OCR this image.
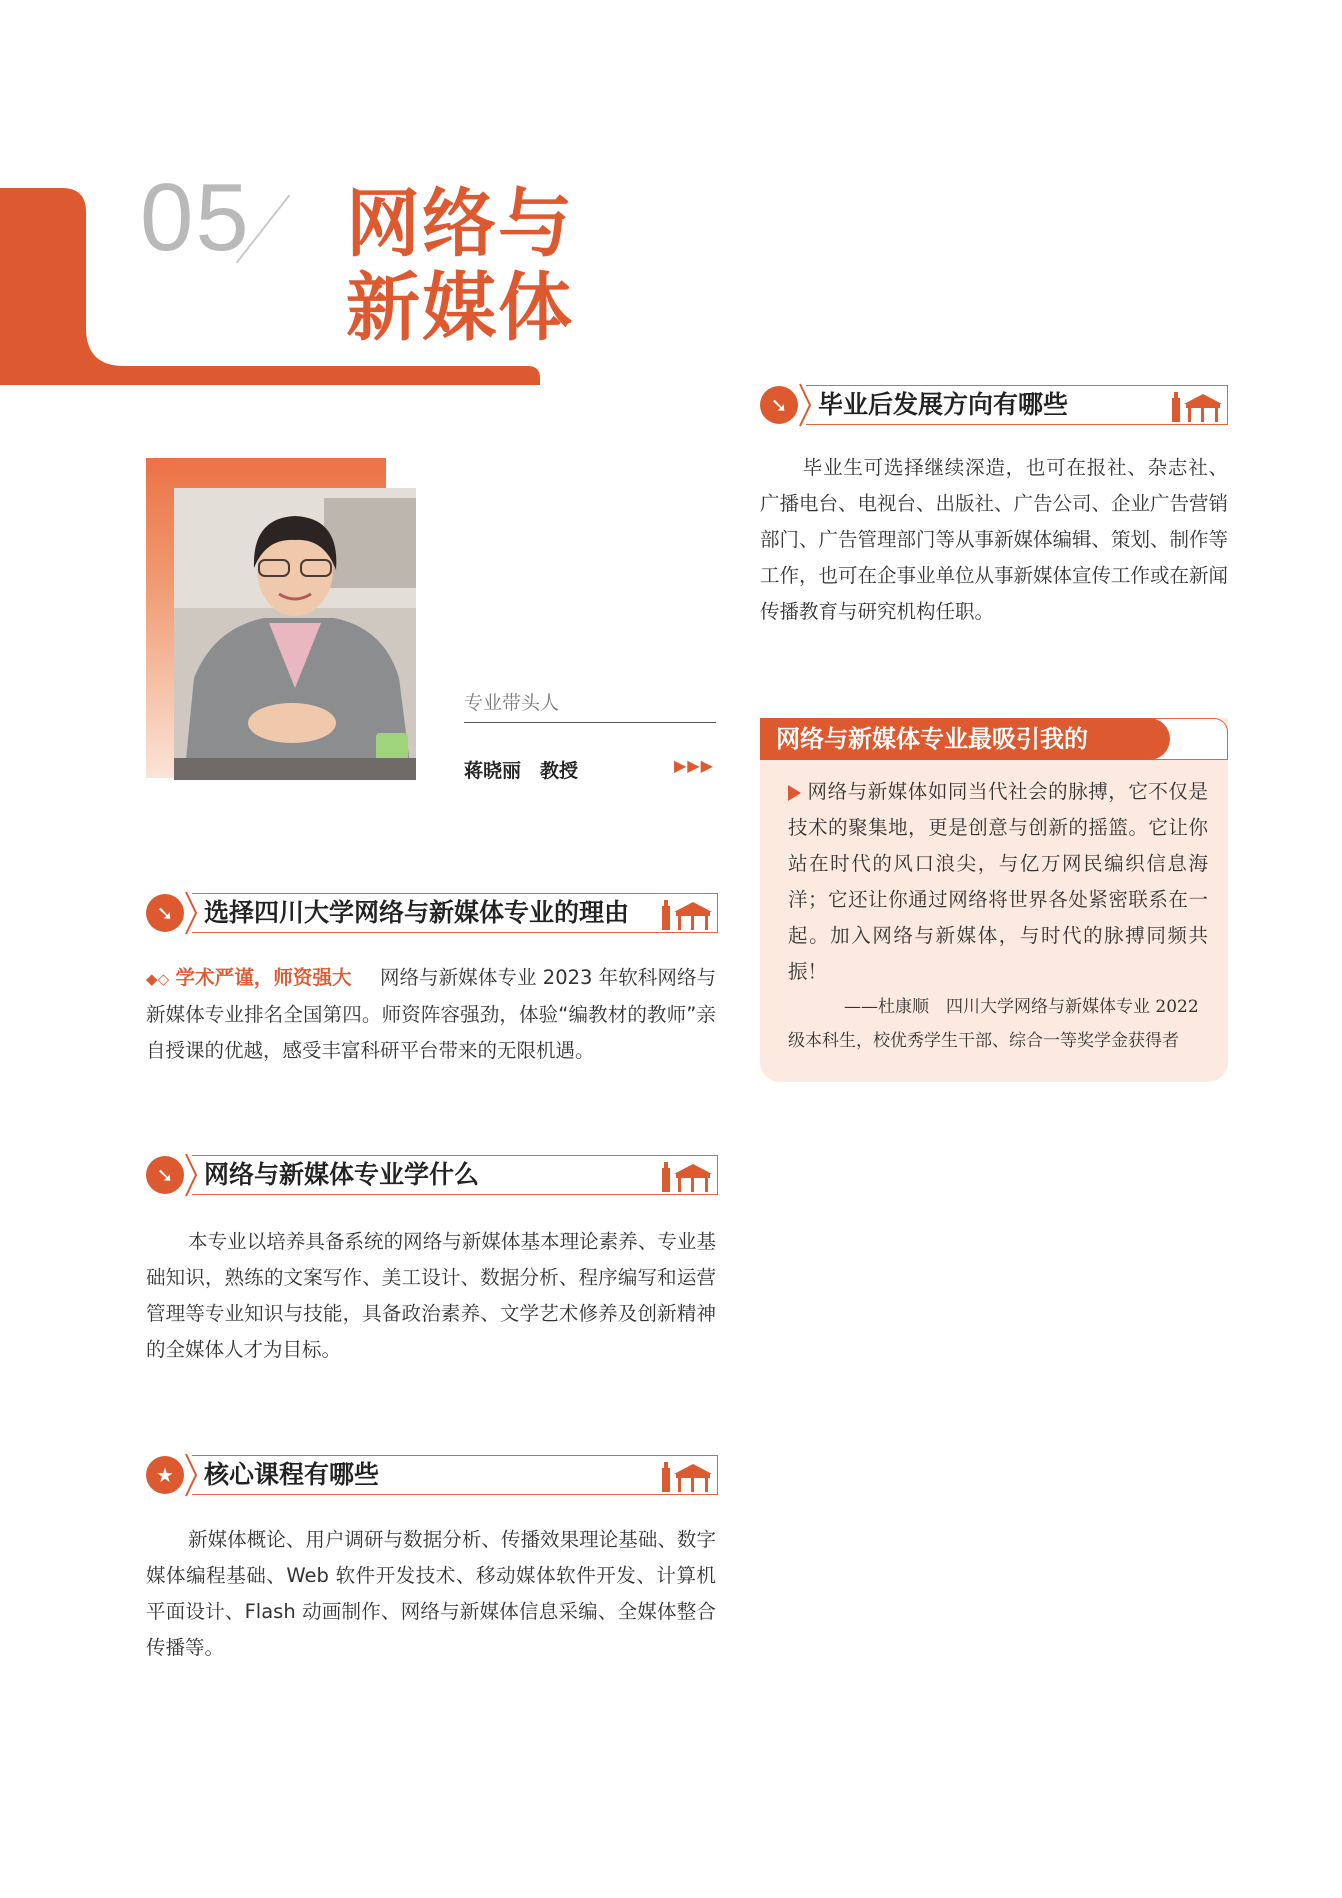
05 网络与
新媒体
专业带头人
蒋晓丽　教授	▶▶▶
➘	选择四川大学网络与新媒体专业的理由
◆◇ 学术严谨，师资强大 网络与新媒体专业 2023 年软科网络与新媒体专业排名全国第四。师资阵容强劲，体验“编教材的教师”亲自授课的优越，感受丰富科研平台带来的无限机遇。
➘	网络与新媒体专业学什么
本专业以培养具备系统的网络与新媒体基本理论素养、专业基础知识，熟练的文案写作、美工设计、数据分析、程序编写和运营管理等专业知识与技能，具备政治素养、文学艺术修养及创新精神的全媒体人才为目标。
★	核心课程有哪些
新媒体概论、用户调研与数据分析、传播效果理论基础、数字媒体编程基础、Web 软件开发技术、移动媒体软件开发、计算机平面设计、Flash 动画制作、网络与新媒体信息采编、全媒体整合传播等。
➘	毕业后发展方向有哪些
毕业生可选择继续深造，也可在报社、杂志社、广播电台、电视台、出版社、广告公司、企业广告营销部门、广告管理部门等从事新媒体编辑、策划、制作等工作，也可在企事业单位从事新媒体宣传工作或在新闻传播教育与研究机构任职。
网络与新媒体专业最吸引我的
网络与新媒体如同当代社会的脉搏，它不仅是技术的聚集地，更是创意与创新的摇篮。它让你站在时代的风口浪尖，与亿万网民编织信息海洋；它还让你通过网络将世界各处紧密联系在一起。加入网络与新媒体，与时代的脉搏同频共振！
——杜康顺　四川大学网络与新媒体专业 2022 级本科生，校优秀学生干部、综合一等奖学金获得者
